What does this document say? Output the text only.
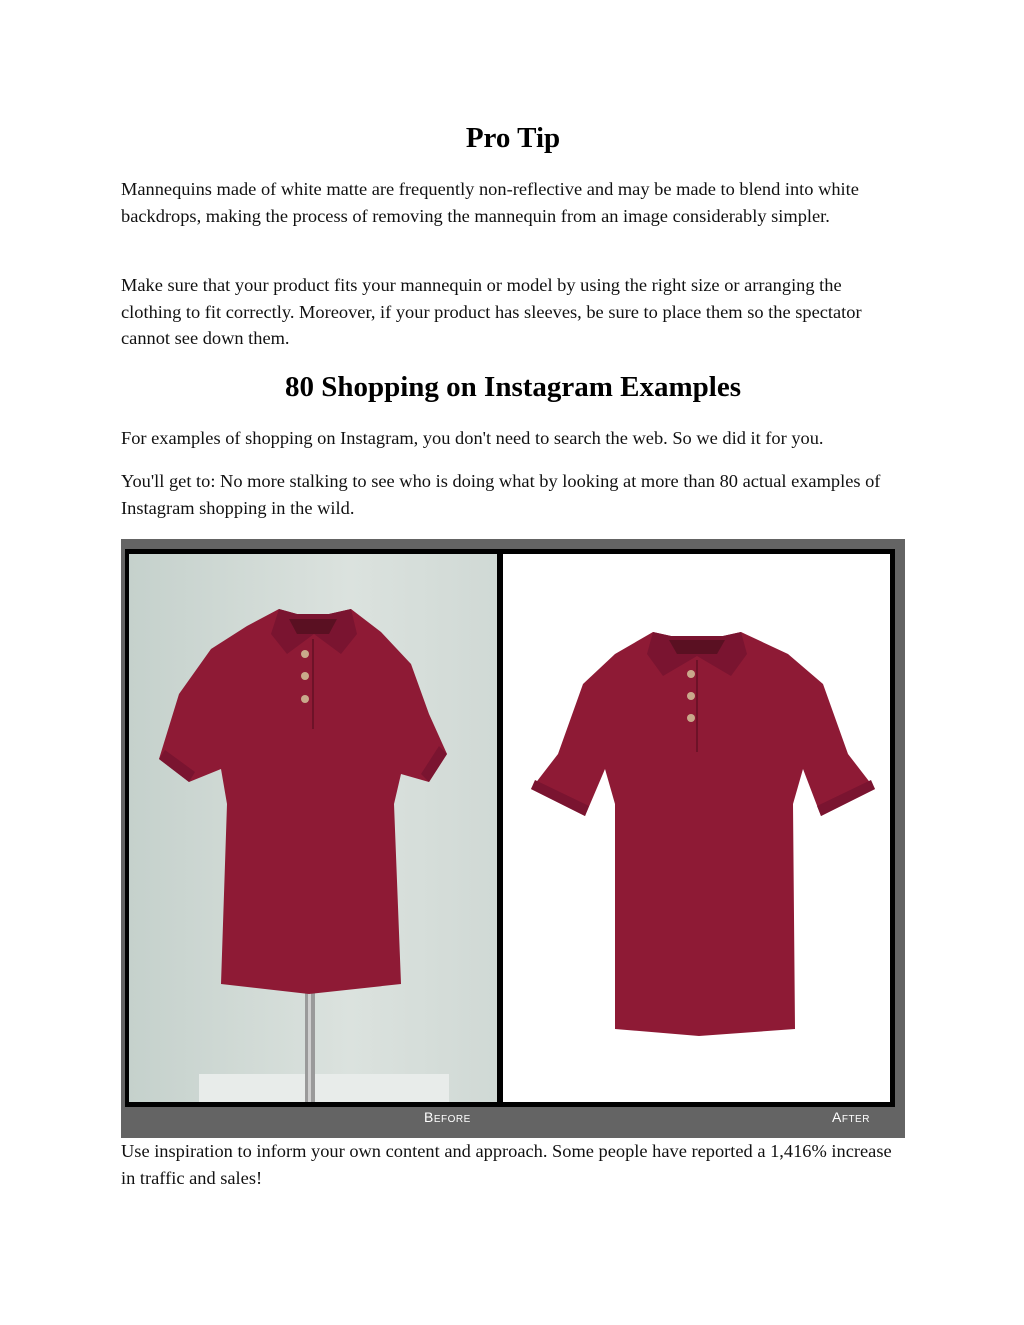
Pro Tip

Mannequins made of white matte are frequently non-reflective and may be made to blend into white backdrops, making the process of removing the mannequin from an image considerably simpler.

Make sure that your product fits your mannequin or model by using the right size or arranging the clothing to fit correctly. Moreover, if your product has sleeves, be sure to place them so the spectator cannot see down them.

80 Shopping on Instagram Examples

For examples of shopping on Instagram, you don't need to search the web. So we did it for you.

You'll get to: No more stalking to see who is doing what by looking at more than 80 actual examples of Instagram shopping in the wild.

Use inspiration to inform your own content and approach. Some people have reported a 1,416% increase in traffic and sales!

Before	After
